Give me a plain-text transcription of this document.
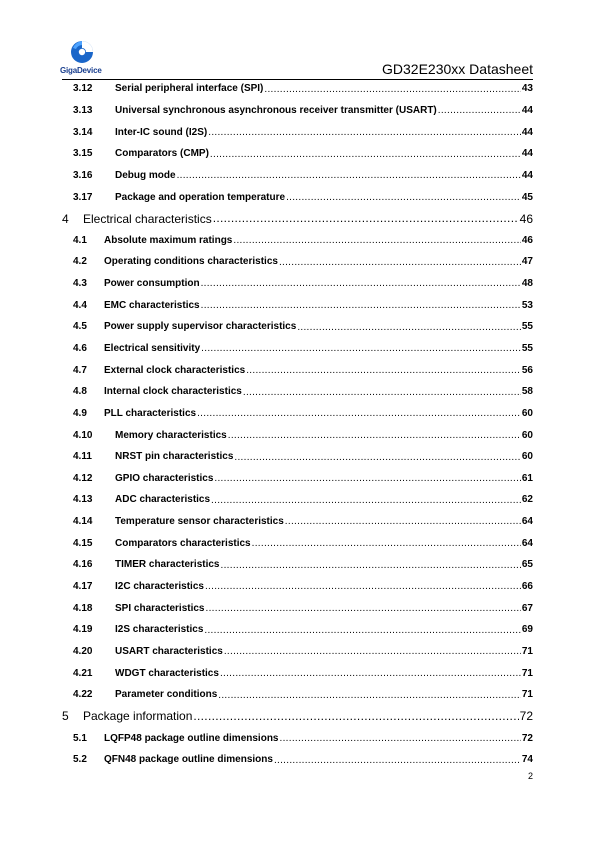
GigaDevice	GD32E230xx Datasheet
3.12	Serial peripheral interface (SPI) .....	43
3.13	Universal synchronous asynchronous receiver transmitter (USART) .....	44
3.14	Inter-IC sound (I2S) .....	44
3.15	Comparators (CMP) .....	44
3.16	Debug mode .....	44
3.17	Package and operation temperature .....	45
4	Electrical characteristics .....	46
4.1	Absolute maximum ratings .....	46
4.2	Operating conditions characteristics .....	47
4.3	Power consumption .....	48
4.4	EMC characteristics .....	53
4.5	Power supply supervisor characteristics .....	55
4.6	Electrical sensitivity .....	55
4.7	External clock characteristics .....	56
4.8	Internal clock characteristics .....	58
4.9	PLL characteristics .....	60
4.10	Memory characteristics .....	60
4.11	NRST pin characteristics .....	60
4.12	GPIO characteristics .....	61
4.13	ADC characteristics .....	62
4.14	Temperature sensor characteristics .....	64
4.15	Comparators characteristics .....	64
4.16	TIMER characteristics .....	65
4.17	I2C characteristics .....	66
4.18	SPI characteristics .....	67
4.19	I2S characteristics .....	69
4.20	USART characteristics .....	71
4.21	WDGT characteristics .....	71
4.22	Parameter conditions .....	71
5	Package information .....	72
5.1	LQFP48 package outline dimensions .....	72
5.2	QFN48 package outline dimensions .....	74
2
